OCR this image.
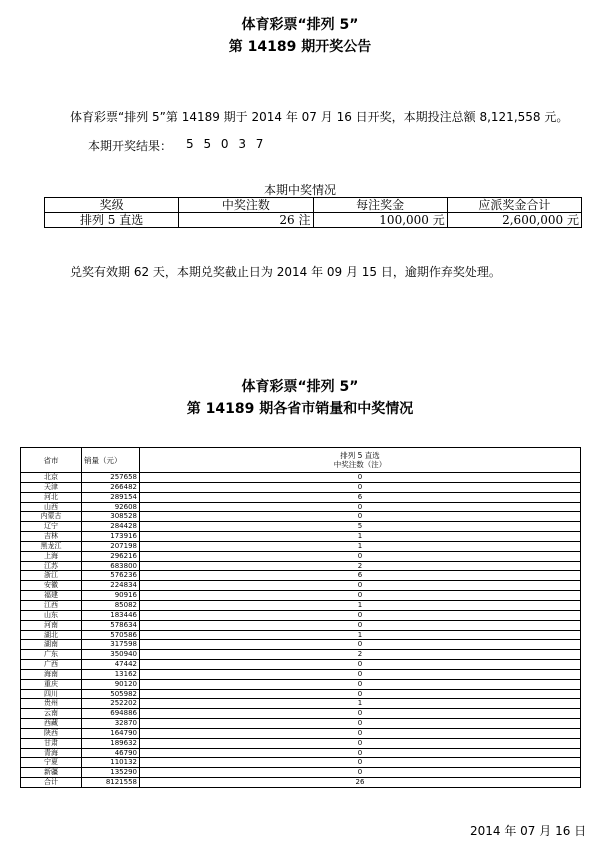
体育彩票“排列 5”
第 14189 期开奖公告
体育彩票“排列 5”第 14189 期于 2014 年 07 月 16 日开奖，本期投注总额 8,121,558 元。
本期开奖结果： 5 5 0 3 7
本期中奖情况
奖级	中奖注数	每注奖金	应派奖金合计
排列 5 直选	26 注	100,000 元	2,600,000 元
兑奖有效期 62 天，本期兑奖截止日为 2014 年 09 月 15 日，逾期作弃奖处理。
体育彩票“排列 5”
第 14189 期各省市销量和中奖情况
省市	销量（元）	排列 5 直选
中奖注数（注）

北京	257658	0
天津	266482	0
河北	289154	6
山西	92608	0
内蒙古	308528	0
辽宁	284428	5
吉林	173916	1
黑龙江	207198	1
上海	296216	0
江苏	683800	2
浙江	576236	6
安徽	224834	0
福建	90916	0
江西	85082	1
山东	183446	0
河南	578634	0
湖北	570586	1
湖南	317598	0
广东	350940	2
广西	47442	0
海南	13162	0
重庆	90120	0
四川	505982	0
贵州	252202	1
云南	694886	0
西藏	32870	0
陕西	164790	0
甘肃	189632	0
青海	46790	0
宁夏	110132	0
新疆	135290	0
合计	8121558	26
2014 年 07 月 16 日
